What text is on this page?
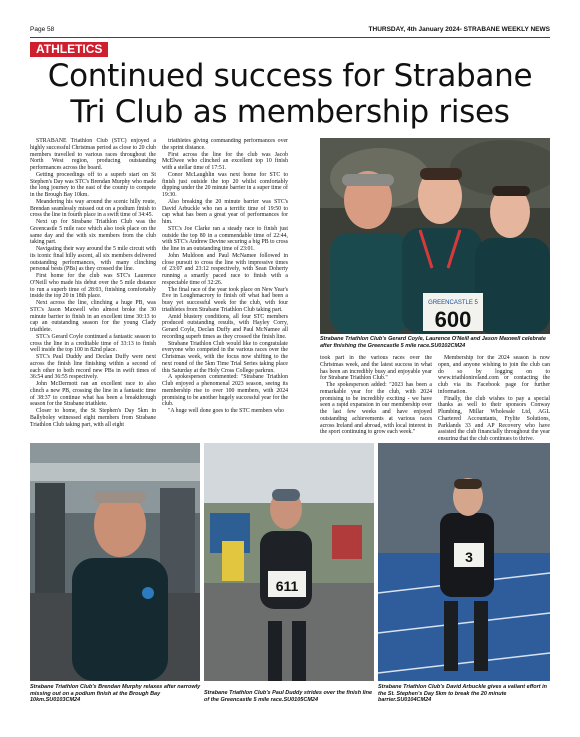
Page 58	THURSDAY, 4th January 2024- STRABANE WEEKLY NEWS
ATHLETICS
Continued success for Strabane
Tri Club as membership rises
GREENCASTLE 5
600
Strabane Triathlon Club's Gerard Coyle, Laurence O'Neill and Jason Maxwell celebrate after finishing the Greencastle 5 mile race.SU0102CM24

STRABANE Triathlon Club (STC) enjoyed a highly successful Christmas period as close to 20 club members travelled to various races throughout the North West region, producing outstanding performances across the board.

Getting proceedings off to a superb start on St Stephen's Day was STC's Brendan Murphy who made the long journey to the east of the county to compete in the Brough Bay 10km.

Meandering his way around the scenic hilly route, Brendan seamlessly missed out on a podium finish to cross the line in fourth place in a swift time of 34:45.

Next up for Strabane Triathlon Club was the Greencastle 5 mile race which also took place on the same day and the with six members from the club taking part.

Navigating their way around the 5 mile circuit with its iconic final hilly ascent, all six members delivered outstanding performances, with many clinching personal bests (PBs) as they crossed the line.

First home for the club was STC's Laurence O'Neill who made his debut over the 5 mile distance to run a superb time of 28:03, finishing comfortably inside the top 20 in 18th place.

Next across the line, clinching a huge PB, was STC's Jason Maxwell who almost broke the 30 minute barrier to finish in an excellent time 30:13 to cap an outstanding season for the young Clady triathlete.

STC's Gerard Coyle continued a fantastic season to cross the line in a creditable time of 33:13 to finish well inside the top 100 in 82nd place.

STC's Paul Duddy and Declan Duffy were next across the finish line finishing within a second of each other to both record new PBs in swift times of 36:54 and 36:55 respectively.

John McDermott ran an excellent race to also clinch a new PB, crossing the line in a fantastic time of 38:37 to continue what has been a breakthrough season for the Strabane triathlete.

Closer to home, the St Stephen's Day 5km in Ballyboley witnessed eight members from Strabane Triathlon Club taking part, with all eight

triathletes giving commanding performances over the sprint distance.

First across the line for the club was Jacob McElwee who clinched an excellent top 10 finish with a stellar time of 17:51.

Conor McLaughlin was next home for STC to finish just outside the top 20 whilst comfortably dipping under the 20 minute barrier in a super time of 19:30.

Also breaking the 20 minute barrier was STC's David Arbuckle who ran a terrific time of 19:50 to cap what has been a great year of performances for him.

STC's Joe Clarke ran a steady race to finish just outside the top 80 in a commendable time of 22:44, with STC's Andrew Devine securing a big PB to cross the line in an outstanding time of 23:01.

John Muldoon and Paul McNamee followed in close pursuit to cross the line with impressive times of 23:07 and 23:12 respectively, with Sean Doherty running a smartly paced race to finish with a respectable time of 32:26.

The final race of the year took place on New Year's Eve in Loughmacrory to finish off what had been a busy yet successful week for the club, with four triathletes from Strabane Triathlon Club taking part.

Amid blustery conditions, all four STC members produced outstanding results, with Hayley Corry, Gerard Coyle, Declan Duffy and Paul McNamee all recording superb times as they crossed the finish line.

Strabane Triathlon Club would like to congratulate everyone who competed in the various races over the Christmas week, with the focus now shifting to the next round of the 5km Time Trial Series taking place this Saturday at the Holy Cross College parkrun.

A spokesperson commented: "Strabane Triathlon Club enjoyed a phenomenal 2023 season, seeing its membership rise to over 100 members, with 2024 promising to be another hugely successful year for the club.

"A huge well done goes to the STC members who

took part in the various races over the Christmas week, and the latest success in what has been an incredibly busy and enjoyable year for Strabane Triathlon Club."

The spokesperson added: "2023 has been a remarkable year for the club, with 2024 promising to be incredibly exciting - we have seen a rapid expansion in our membership over the last few weeks and have enjoyed outstanding achievements at various races across Ireland and abroad, with local interest in the sport continuing to grow each week."

Membership for the 2024 season is now open, and anyone wishing to join the club can do so by logging on to www.triathlonireland.com or contacting the club via its Facebook page for further information.

Finally, the club wishes to pay a special thanks as well to their sponsors Conway Plumbing, Millar Wholesale Ltd, AGL Chartered Accountants, Frylite Solutions, Parklands 33 and AP Recovery who have assisted the club financially throughout the year ensuring that the club continues to thrive.

Strabane Triathlon Club's Brendan Murphy relaxes after narrowly missing out on a podium finish at the Brough Bay 10km.SU0103CM24
611
Strabane Triathlon Club's Paul Duddy strides over the finish line of the Greencastle 5 mile race.SU0105CM24
3
Strabane Triathlon Club's David Arbuckle gives a valiant effort in the St. Stephen's Day 5km to break the 20 minute barrier.SU0104CM24
